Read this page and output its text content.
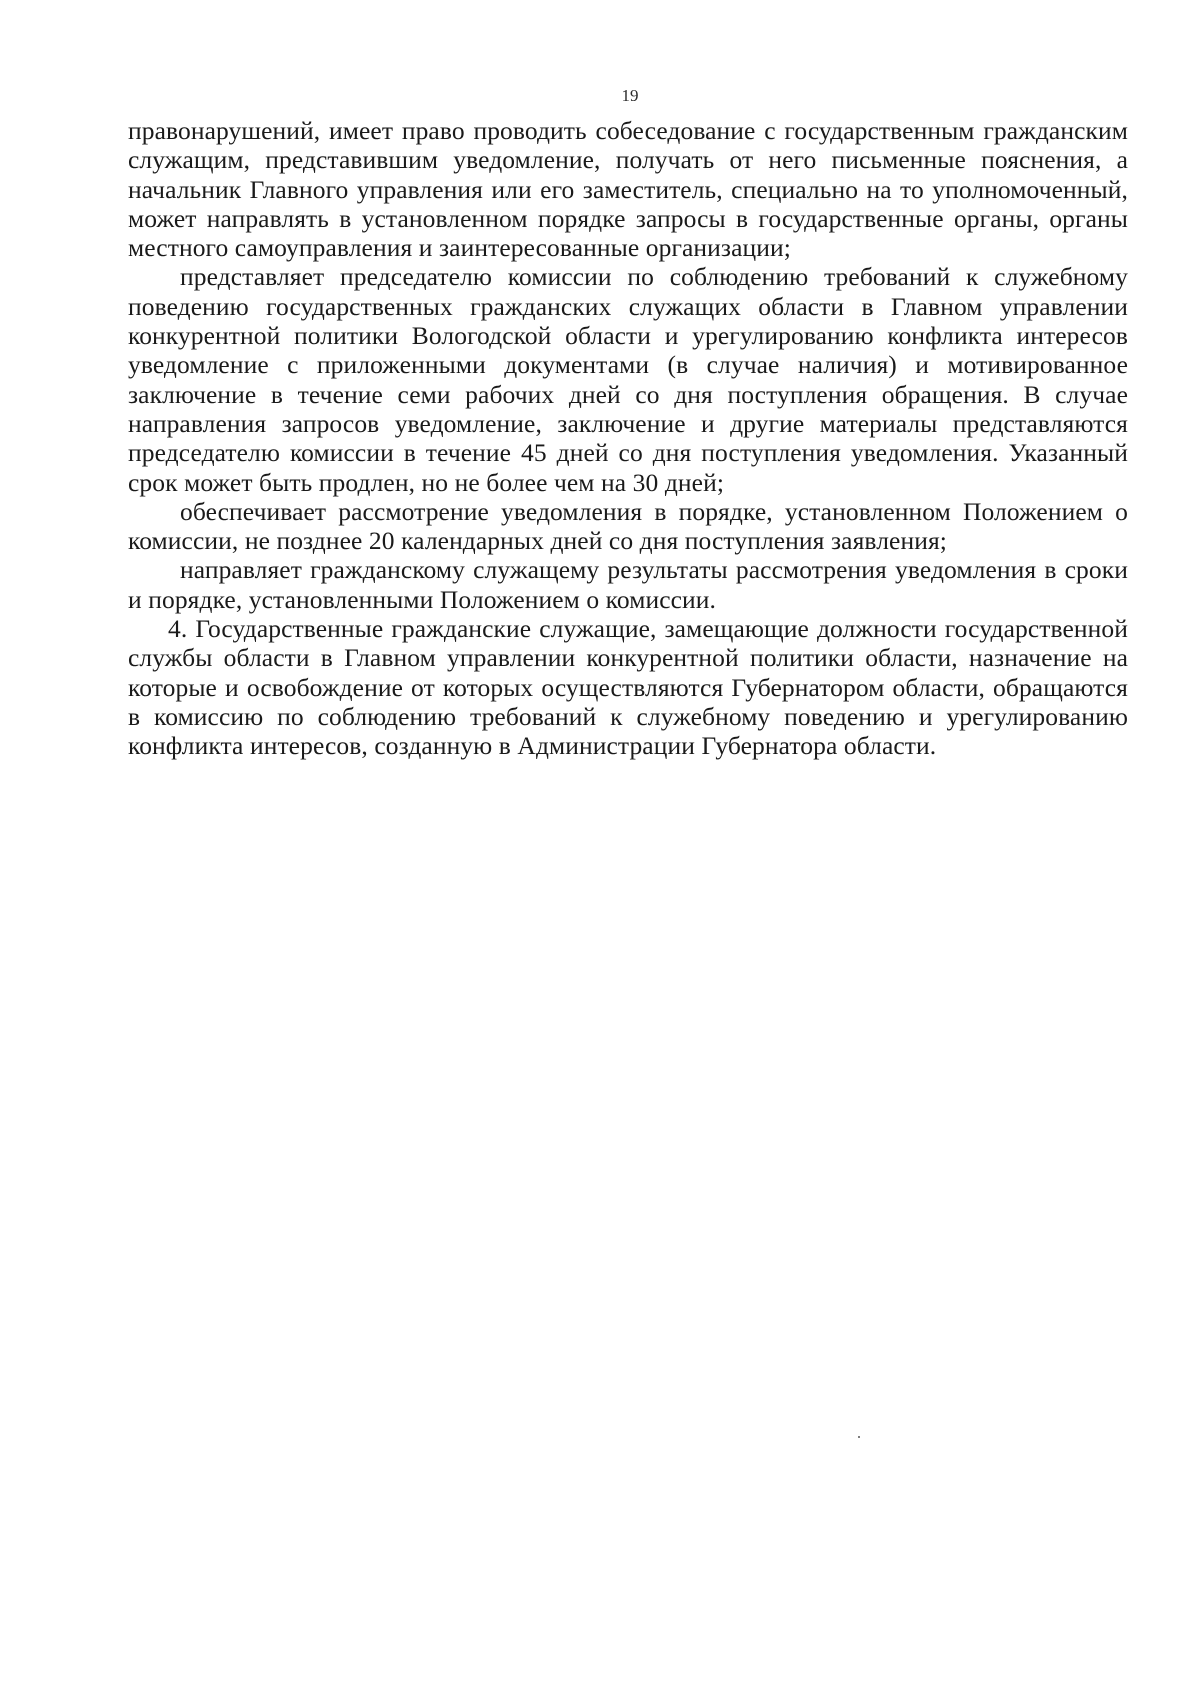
19

правонарушений, имеет право проводить собеседование с государственным гражданским служащим, представившим уведомление, получать от него письменные пояснения, а начальник Главного управления или его заместитель, специально на то уполномоченный, может направлять в установленном порядке запросы в государственные органы, органы местного самоуправления и заинтересованные организации;

представляет председателю комиссии по соблюдению требований к служебному поведению государственных гражданских служащих области в Главном управлении конкурентной политики Вологодской области и урегулированию конфликта интересов уведомление с приложенными документами (в случае наличия) и мотивированное заключение в течение семи рабочих дней со дня поступления обращения. В случае направления запросов уведомление, заключение и другие материалы представляются председателю комиссии в течение 45 дней со дня поступления уведомления. Указанный срок может быть продлен, но не более чем на 30 дней;

обеспечивает рассмотрение уведомления в порядке, установленном Положением о комиссии, не позднее 20 календарных дней со дня поступления заявления;

направляет гражданскому служащему результаты рассмотрения уведомления в сроки и порядке, установленными Положением о комиссии.

4. Государственные гражданские служащие, замещающие должности государственной службы области в Главном управлении конкурентной политики области, назначение на которые и освобождение от которых осуществляются Губернатором области, обращаются в комиссию по соблюдению требований к служебному поведению и урегулированию конфликта интересов, созданную в Администрации Губернатора области.
